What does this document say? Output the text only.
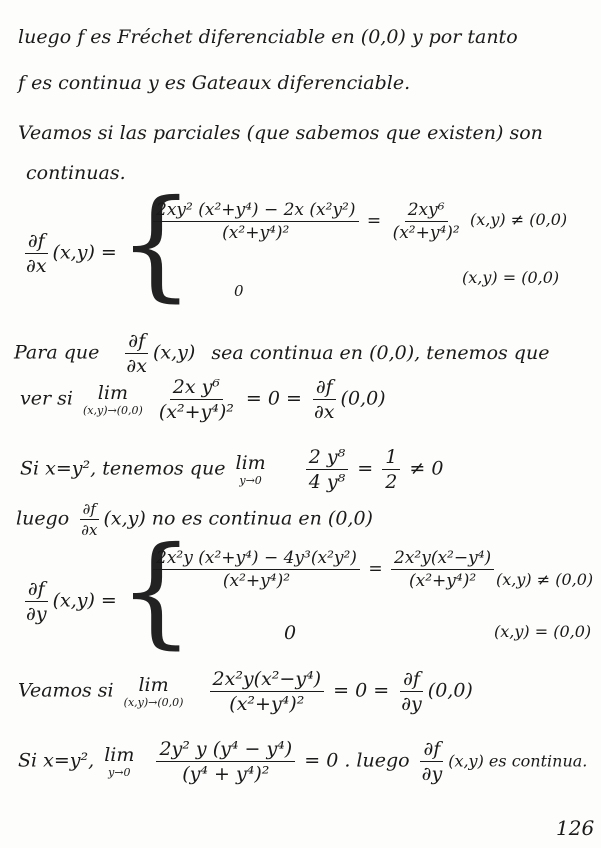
luego f es Fréchet diferenciable en (0,0) y por tanto
f es continua y es Gateaux diferenciable.
Veamos si las parciales (que sabemos que existen) son
continuas.
$\frac{\partial f}{\partial x} (x,y)$ = {
$\frac{\text{2xy² (x²+y⁴) − 2x (x²y²)}}{\text{(x²+y⁴)²}} = \frac{\text{2xy⁶}}{\text{(x²+y⁴)²}} (x,y) \ne (0,0)$
0
(x,y) = (0,0)
Para que $\frac{\partial f}{\partial x} (x,y)$ sea continua en (0,0), tenemos que
ver si lim
(x,y)→(0,0)
$\frac{\text{2x y⁶}}{\text{(x²+y⁴)²}} = 0 = \frac{\partial f}{\partial x} (0,0)$
Si x=y², tenemos que lim
y→0
$\frac{\text{2 y⁸}}{\text{4 y⁸}} = \frac{1}{2} \ne 0$
luego $\frac{\partial f}{\partial x} (x,y)$ no es continua en (0,0)
$\frac{\partial f}{\partial y} (x,y)$ = {
$\frac{\text{2x²y (x²+y⁴) − 4y³(x²y²)}}{\text{(x²+y⁴)²}} = \frac{\text{2x²y(x²−y⁴)}}{\text{(x²+y⁴)²}} (x,y) \ne (0,0)$
0	(x,y) = (0,0)
Veamos si lim
(x,y)→(0,0)
$\frac{\text{2x²y(x²−y⁴)}}{\text{(x²+y⁴)²}} = 0 = \frac{\partial f}{\partial y} (0,0)$
Si x=y², lim
y→0
$\frac{\text{2y² y (y⁴ − y⁴)}}{\text{(y⁴ + y⁴)²}} = 0$ . luego $\frac{\partial f}{\partial y} (x,y)$ es continua.
126
